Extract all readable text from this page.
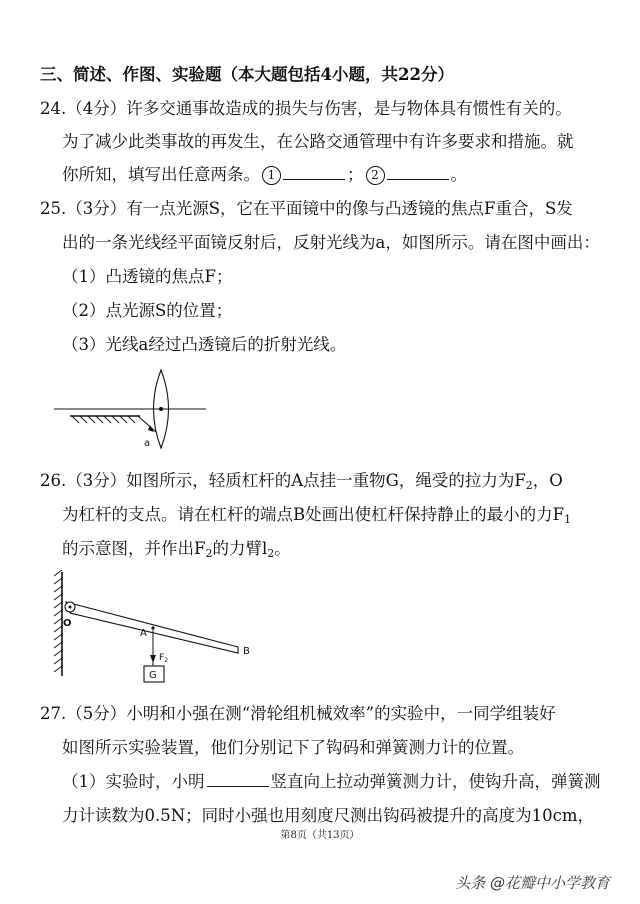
三、简述、作图、实验题（本大题包括4小题，共22分）
24.（4分）许多交通事故造成的损失与伤害，是与物体具有惯性有关的。
为了减少此类事故的再发生，在公路交通管理中有许多要求和措施。就
你所知，填写出任意两条。 1	； 2	。
25.（3分）有一点光源S，它在平面镜中的像与凸透镜的焦点F重合，S发
出的一条光线经平面镜反射后，反射光线为a，如图所示。请在图中画出：
（1）凸透镜的焦点F；
（2）点光源S的位置；
（3）光线a经过凸透镜后的折射光线。
a
26.（3分）如图所示，轻质杠杆的A点挂一重物G，绳受的拉力为$F_2$，O
为杠杆的支点。请在杠杆的端点B处画出使杠杆保持静止的最小的力$F_1$
的示意图，并作出$F_2$的力臂$l_2$。
O
A
$F_2$
G
B
27.（5分）小明和小强在测“滑轮组机械效率”的实验中，一同学组装好
如图所示实验装置，他们分别记下了钩码和弹簧测力计的位置。
（1）实验时，小明	竖直向上拉动弹簧测力计，使钩升高，弹簧测
力计读数为0.5N；同时小强也用刻度尺测出钩码被提升的高度为10cm，
第8页（共13页）
头条 @花瓣中小学教育
